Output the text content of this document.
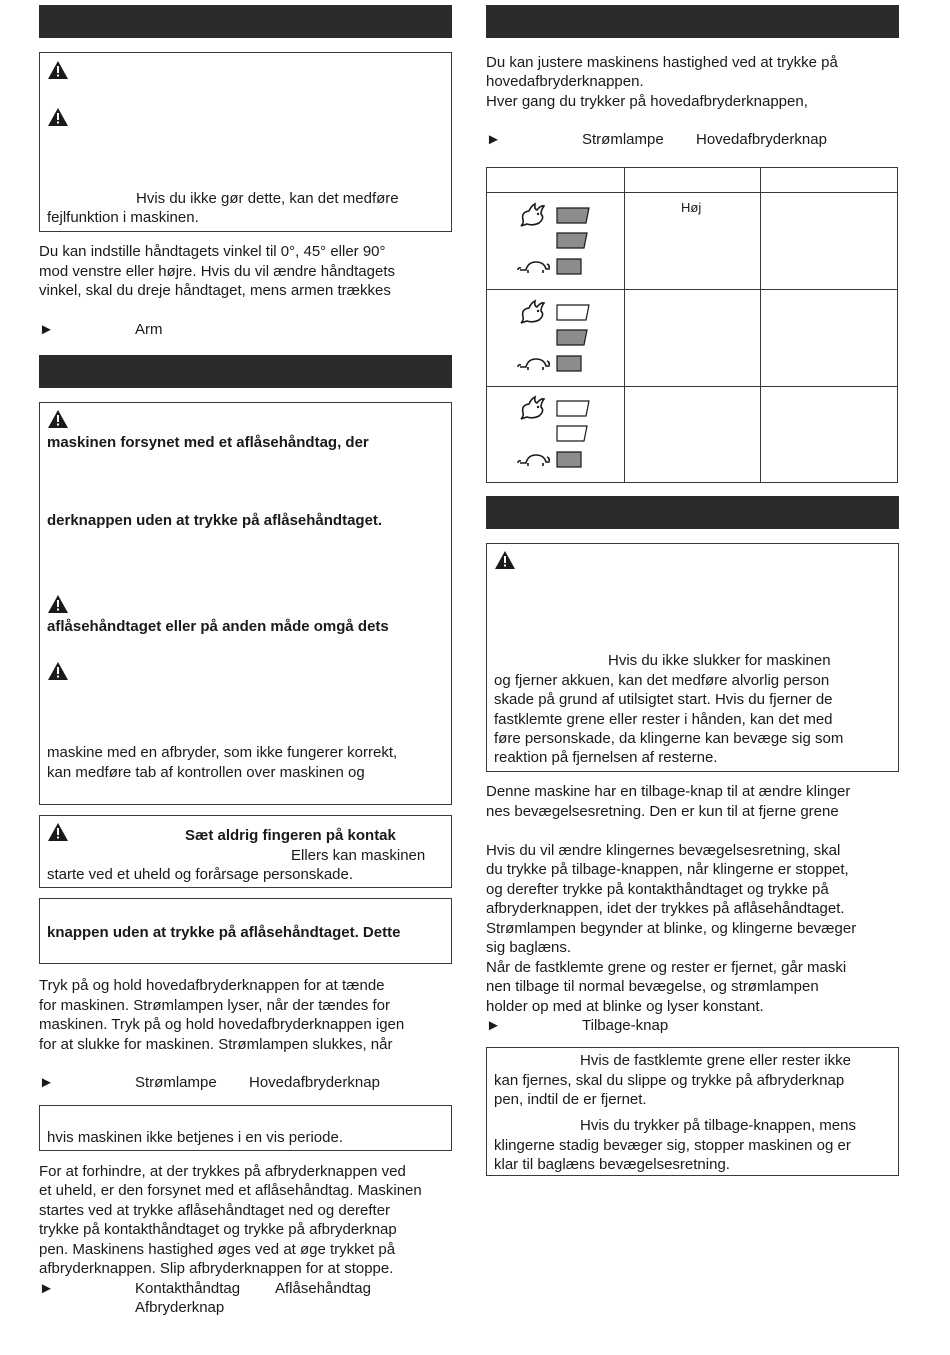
Hvis du ikke gør dette, kan det medføre
fejlfunktion i maskinen.
Du kan indstille håndtagets vinkel til 0°, 45° eller 90°
mod venstre eller højre. Hvis du vil ændre håndtagets
vinkel, skal du dreje håndtaget, mens armen trækkes
►	Arm
maskinen forsynet med et aflåsehåndtag, der
derknappen uden at trykke på aflåsehåndtaget.
aflåsehåndtaget eller på anden måde omgå dets
maskine med en afbryder, som ikke fungerer korrekt,
kan medføre tab af kontrollen over maskinen og
Sæt aldrig fingeren på kontak
Ellers kan maskinen
starte ved et uheld og forårsage personskade.
knappen uden at trykke på aflåsehåndtaget. Dette
Tryk på og hold hovedafbryderknappen for at tænde
for maskinen. Strømlampen lyser, når der tændes for
maskinen. Tryk på og hold hovedafbryderknappen igen
for at slukke for maskinen. Strømlampen slukkes, når
►	Strømlampe Hovedafbryderknap
hvis maskinen ikke betjenes i en vis periode.
For at forhindre, at der trykkes på afbryderknappen ved
et uheld, er den forsynet med et aflåsehåndtag. Maskinen
startes ved at trykke aflåsehåndtaget ned og derefter
trykke på kontakthåndtaget og trykke på afbryderknap
pen. Maskinens hastighed øges ved at øge trykket på
afbryderknappen. Slip afbryderknappen for at stoppe.
►	Kontakthåndtag Aflåsehåndtag
Afbryderknap
Du kan justere maskinens hastighed ved at trykke på
hovedafbryderknappen.
Hver gang du trykker på hovedafbryderknappen,
►	Strømlampe Hovedafbryderknap
Høj
Hvis du ikke slukker for maskinen
og fjerner akkuen, kan det medføre alvorlig person
skade på grund af utilsigtet start. Hvis du fjerner de
fastklemte grene eller rester i hånden, kan det med
føre personskade, da klingerne kan bevæge sig som
reaktion på fjernelsen af resterne.
Denne maskine har en tilbage-knap til at ændre klinger
nes bevægelsesretning. Den er kun til at fjerne grene
Hvis du vil ændre klingernes bevægelsesretning, skal
du trykke på tilbage-knappen, når klingerne er stoppet,
og derefter trykke på kontakthåndtaget og trykke på
afbryderknappen, idet der trykkes på aflåsehåndtaget.
Strømlampen begynder at blinke, og klingerne bevæger
sig baglæns.
Når de fastklemte grene og rester er fjernet, går maski
nen tilbage til normal bevægelse, og strømlampen
holder op med at blinke og lyser konstant.
►	Tilbage-knap
Hvis de fastklemte grene eller rester ikke
kan fjernes, skal du slippe og trykke på afbryderknap
pen, indtil de er fjernet.
Hvis du trykker på tilbage-knappen, mens
klingerne stadig bevæger sig, stopper maskinen og er
klar til baglæns bevægelsesretning.
